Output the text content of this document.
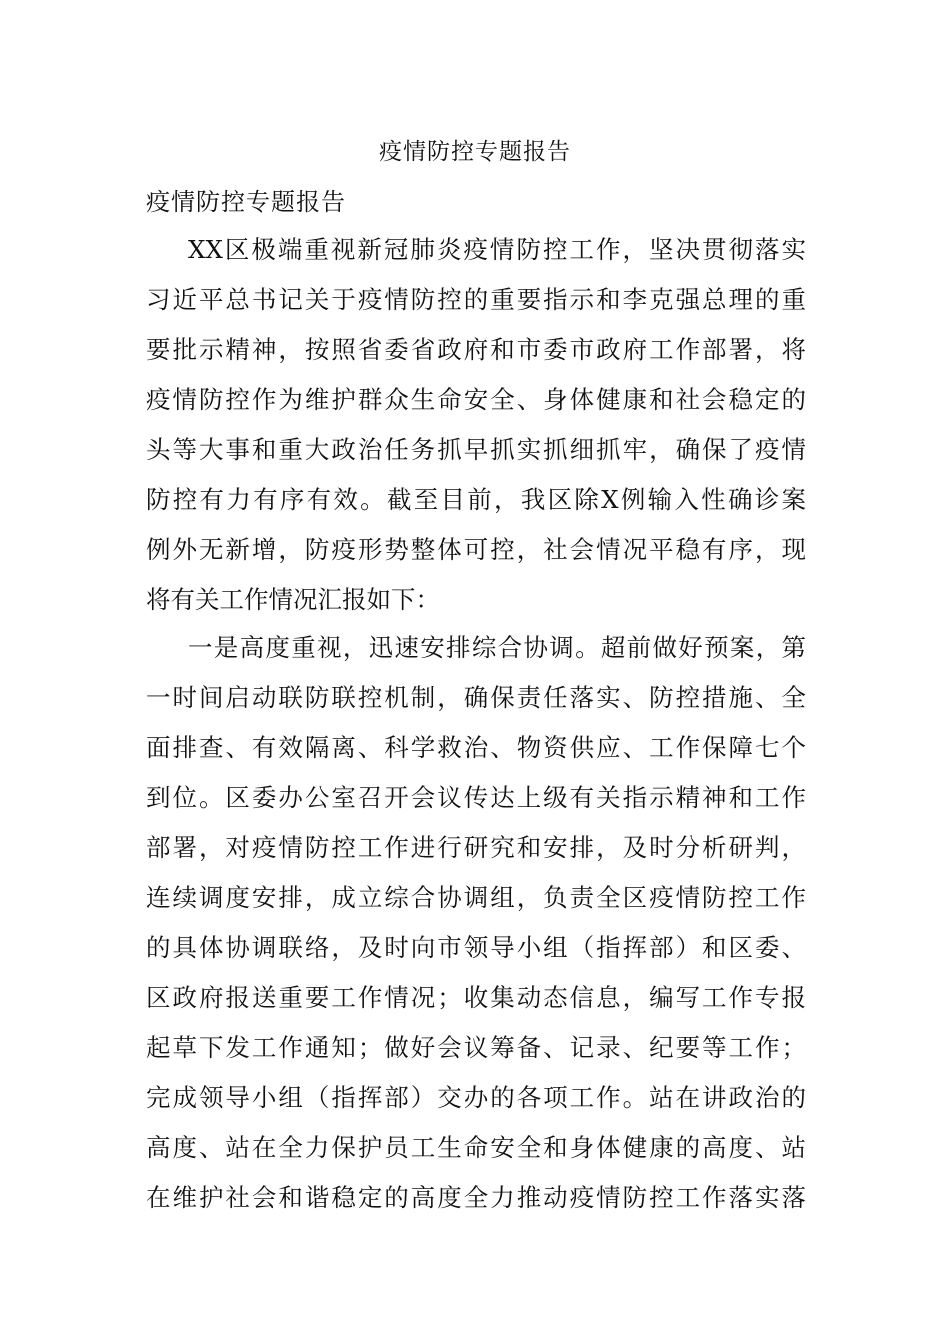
疫情防控专题报告
疫情防控专题报告
XX区极端重视新冠肺炎疫情防控工作，坚决贯彻落实
习近平总书记关于疫情防控的重要指示和李克强总理的重
要批示精神，按照省委省政府和市委市政府工作部署，将
疫情防控作为维护群众生命安全、身体健康和社会稳定的
头等大事和重大政治任务抓早抓实抓细抓牢，确保了疫情
防控有力有序有效。截至目前，我区除X例输入性确诊案
例外无新增，防疫形势整体可控，社会情况平稳有序，现
将有关工作情况汇报如下：
一是高度重视，迅速安排综合协调。超前做好预案，第
一时间启动联防联控机制，确保责任落实、防控措施、全
面排查、有效隔离、科学救治、物资供应、工作保障七个
到位。区委办公室召开会议传达上级有关指示精神和工作
部署，对疫情防控工作进行研究和安排，及时分析研判，
连续调度安排，成立综合协调组，负责全区疫情防控工作
的具体协调联络，及时向市领导小组（指挥部）和区委、
区政府报送重要工作情况；收集动态信息，编写工作专报
起草下发工作通知；做好会议筹备、记录、纪要等工作；
完成领导小组（指挥部）交办的各项工作。站在讲政治的
高度、站在全力保护员工生命安全和身体健康的高度、站
在维护社会和谐稳定的高度全力推动疫情防控工作落实落
